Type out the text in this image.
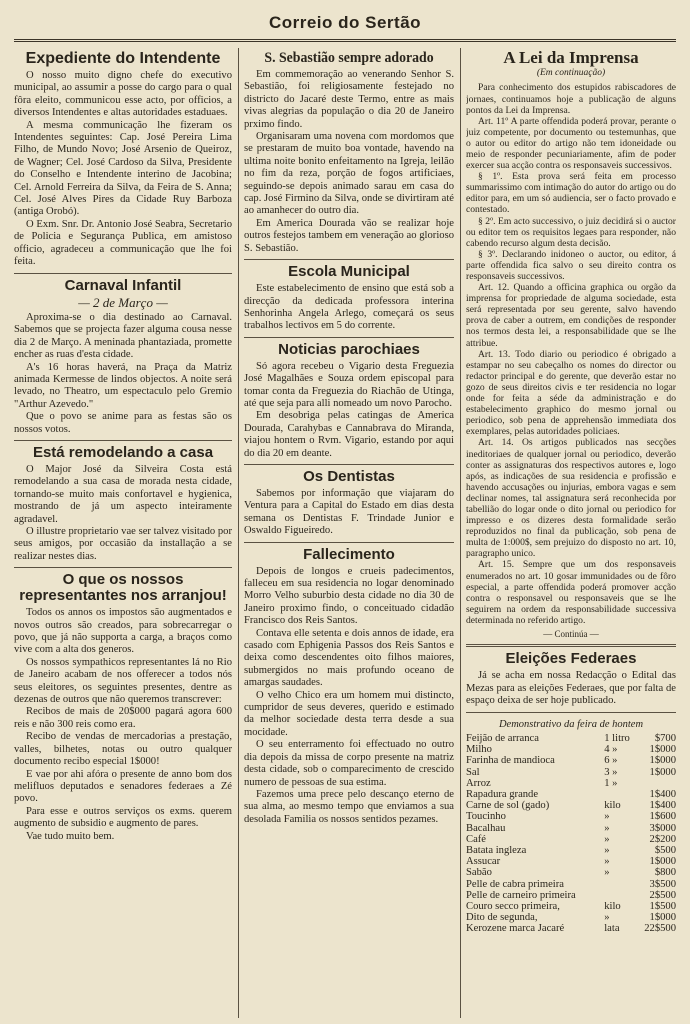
Correio do Sertão
Expediente do Intendente

O nosso muito digno chefe do executivo municipal, ao assumir a posse do cargo para o qual fôra eleito, communicou esse acto, por officios, a diversos Intendentes e altas autoridades estaduaes.

A mesma communicação lhe fizeram os Intendentes seguintes: Cap. José Pereira Lima Filho, de Mundo Novo; José Arsenio de Queiroz, de Wagner; Cel. José Cardoso da Silva, Presidente do Conselho e Intendente interino de Jacobina; Cel. Arnold Ferreira da Silva, da Feira de S. Anna; Cel. José Alves Pires da Cidade Ruy Barboza (antiga Orobó).

O Exm. Snr. Dr. Antonio José Seabra, Secretario de Policia e Segurança Publica, em amistoso officio, agradeceu a communicação que lhe foi feita.

Carnaval Infantil
— 2 de Março —

Aproxima-se o dia destinado ao Carnaval. Sabemos que se projecta fazer alguma cousa nesse dia 2 de Março. A meninada phantaziada, promette encher as ruas d'esta cidade.

A's 16 horas haverá, na Praça da Matriz animada Kermesse de lindos objectos. A noite será levado, no Theatro, um espectaculo pelo Gremio "Arthur Azevedo."

Que o povo se anime para as festas são os nossos votos.

Está remodelando a casa

O Major José da Silveira Costa está remodelando a sua casa de morada nesta cidade, tornando-se muito mais confortavel e hygienica, mostrando de já um aspecto inteiramente agradavel.

O illustre proprietario vae ser talvez visitado por seus amigos, por occasião da installação a se realizar nestes dias.

O que os nossos representantes nos arranjou!

Todos os annos os impostos são augmentados e novos outros são creados, para sobrecarregar o povo, que já não supporta a carga, a braços como vive com a alta dos generos.

Os nossos sympathicos representantes lá no Rio de Janeiro acabam de nos offerecer a todos nós seus eleitores, os seguintes presentes, dentre as dezenas de outros que não queremos transcrever:

Recibos de mais de 20$000 pagará agora 600 reis e não 300 reis como era.

Recibo de vendas de mercadorias a prestação, valles, bilhetes, notas ou outro qualquer documento recibo especial 1$000!

E vae por ahi afóra o presente de anno bom dos melifluos deputados e senadores federaes a Zé povo.

Para esse e outros serviços os exms. querem augmento de subsidio e augmento de pares.

Vae tudo muito bem.

S. Sebastião sempre adorado

Em commemoração ao venerando Senhor S. Sebastião, foi religiosamente festejado no districto do Jacaré deste Termo, entre as mais vivas alegrias da população o dia 20 de Janeiro prximo findo.

Organisaram uma novena com mordomos que se prestaram de muito boa vontade, havendo na ultima noite bonito enfeitamento na Igreja, leilão no fim da reza, porção de fogos artificiaes, seguindo-se depois animado sarau em casa do cap. José Firmino da Silva, onde se divirtiram até ao amanhecer do outro dia.

Em America Dourada vão se realizar hoje outros festejos tambem em veneração ao glorioso S. Sebastião.

Escola Municipal

Este estabelecimento de ensino que está sob a direcção da dedicada professora interina Senhorinha Angela Arlego, começará os seus trabalhos lectivos em 5 do corrente.

Noticias parochiaes

Só agora recebeu o Vigario desta Freguezia José Magalhães e Souza ordem episcopal para tomar conta da Freguezia do Riachão de Utinga, até que seja para alli nomeado um novo Parocho.

Em desobriga pelas catingas de America Dourada, Carahybas e Cannabrava do Miranda, viajou hontem o Rvm. Vigario, estando por aqui do dia 20 em deante.

Os Dentistas

Sabemos por informação que viajaram do Ventura para a Capital do Estado em dias desta semana os Dentistas F. Trindade Junior e Oswaldo Figueiredo.

Fallecimento

Depois de longos e crueis padecimentos, falleceu em sua residencia no logar denominado Morro Velho suburbio desta cidade no dia 30 de Janeiro proximo findo, o conceituado cidadão Francisco dos Reis Santos.

Contava elle setenta e dois annos de idade, era casado com Ephigenia Passos dos Reis Santos e deixa como descendentes oito filhos maiores, submergidos no mais profundo oceano de amargas saudades.

O velho Chico era um homem mui distincto, cumpridor de seus deveres, querido e estimado da melhor sociedade desta terra desde a sua mocidade.

O seu enterramento foi effectuado no outro dia depois da missa de corpo presente na matriz desta cidade, sob o comparecimento de crescido numero de pessoas de sua estima.

Fazemos uma prece pelo descanço eterno de sua alma, ao mesmo tempo que enviamos a sua desolada Familia os nossos sentidos pezames.

A Lei da Imprensa
(Em continuação)

Para conhecimento dos estupidos rabiscadores de jornaes, continuamos hoje a publicação de alguns pontos da Lei da Imprensa.

Art. 11º A parte offendida poderá provar, perante o juiz competente, por documento ou testemunhas, que o autor ou editor do artigo não tem idoneidade ou meio de responder pecuniariamente, afim de poder exercer sua acção contra os responsaveis successivos.

§ 1º. Esta prova será feita em processo summarissimo com intimação do autor do artigo ou do editor para, em um só audiencia, ser o facto provado e contestado.

§ 2º. Em acto successivo, o juiz decidirá si o auctor ou editor tem os requisitos legaes para responder, não cabendo recurso algum desta decisão.

§ 3º. Declarando inidoneo o auctor, ou editor, á parte offendida fica salvo o seu direito contra os responsaveis successivos.

Art. 12. Quando a officina graphica ou orgão da imprensa for propriedade de alguma sociedade, esta será representada por seu gerente, salvo havendo prova de caber a outrem, em condições de responder nos termos desta lei, a responsabilidade que se lhe attribue.

Art. 13. Todo diario ou periodico é obrigado a estampar no seu cabeçalho os nomes do director ou redactor principal e do gerente, que deverão estar no gozo de seus direitos civis e ter residencia no logar onde for feita a séde da administração e do estabelecimento graphico do mesmo jornal ou periodico, sob pena de apprehensão immediata dos exemplares, pelas autoridades policiaes.

Art. 14. Os artigos publicados nas secções ineditoriaes de qualquer jornal ou periodico, deverão conter as assignaturas dos respectivos autores e, logo após, as indicações de sua residencia e profissão e havendo accusações ou injurias, embora vagas e sem declinar nomes, tal assignatura será reconhecida por tabellião do logar onde o dito jornal ou periodico for impresso e os dizeres desta formalidade serão reproduzidos no final da publicação, sob pena de multa de 1:000$, sem prejuizo do disposto no art. 10, paragrapho unico.

Art. 15. Sempre que um dos responsaveis enumerados no art. 10 gosar immunidades ou de fôro especial, a parte offendida poderá promover acção contra o responsavel ou responsaveis que se lhe seguirem na ordem da responsabilidade successiva determinada no referido artigo.

— Continúa —
Eleições Federaes

Já se acha em nossa Redacção o Edital das Mezas para as eleições Federaes, que por falta de espaço deixa de ser hoje publicado.

Demonstrativo da feira de hontem
Feijão de arranca	1 litro	$700
Milho	4 »	1$000
Farinha de mandioca	6 »	1$000
Sal	3 »	1$000
Arroz	1 »	
Rapadura grande		1$400
Carne de sol (gado)	kilo	1$400
Toucinho	»	1$600
Bacalhau	»	3$000
Café	»	2$200
Batata ingleza	»	$500
Assucar	»	1$000
Sabão	»	$800
Pelle de cabra primeira		3$500
Pelle de carneiro primeira		2$500
Couro secco primeira,	kilo	1$500
Dito de segunda,	»	1$000
Kerozene marca Jacaré	lata	22$500
